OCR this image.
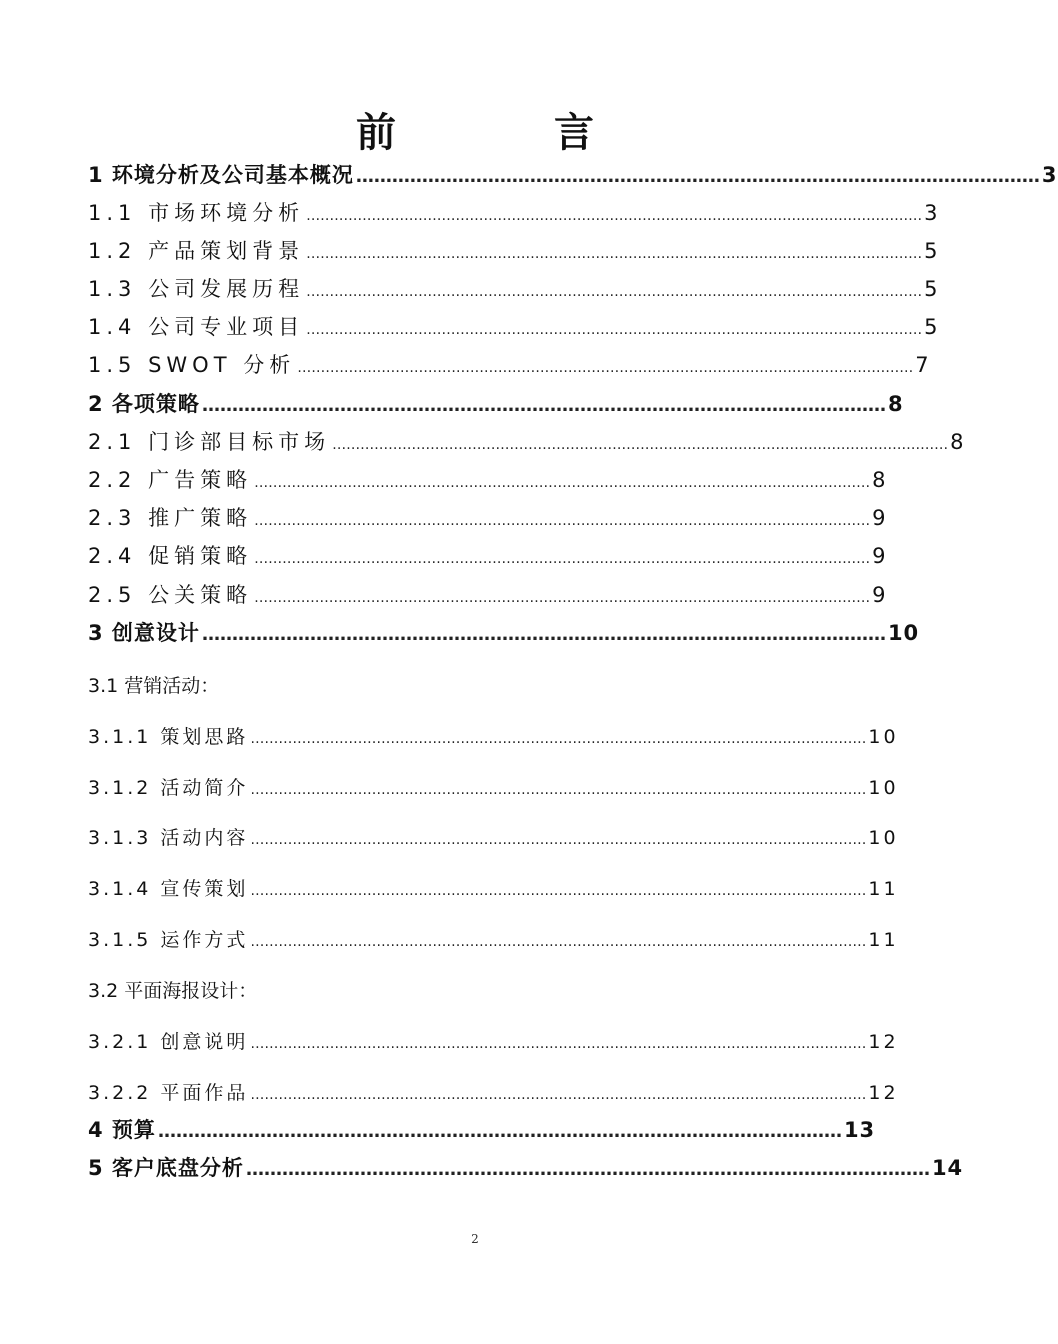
前 言
1 环境分析及公司基本概况 …………………………………………………………………………………………………… 3
1.1 市场环境分析 …………………………………………………………………………………………………………………… 3
1.2 产品策划背景 …………………………………………………………………………………………………………………… 5
1.3 公司发展历程 …………………………………………………………………………………………………………………… 5
1.4 公司专业项目 …………………………………………………………………………………………………………………… 5
1.5 SWOT 分析 …………………………………………………………………………………………………………………… 7
2 各项策略 …………………………………………………………………………………………………… 8
2.1 门诊部目标市场 …………………………………………………………………………………………………………………… 8
2.2 广告策略 …………………………………………………………………………………………………………………… 8
2.3 推广策略 …………………………………………………………………………………………………………………… 9
2.4 促销策略 …………………………………………………………………………………………………………………… 9
2.5 公关策略 …………………………………………………………………………………………………………………… 9
3 创意设计 …………………………………………………………………………………………………… 10
3.1 营销活动：
3.1.1 策划思路 …………………………………………………………………………………………………………………… 10
3.1.2 活动简介 …………………………………………………………………………………………………………………… 10
3.1.3 活动内容 …………………………………………………………………………………………………………………… 10
3.1.4 宣传策划 …………………………………………………………………………………………………………………… 11
3.1.5 运作方式 …………………………………………………………………………………………………………………… 11
3.2 平面海报设计：
3.2.1 创意说明 …………………………………………………………………………………………………………………… 12
3.2.2 平面作品 …………………………………………………………………………………………………………………… 12
4 预算 …………………………………………………………………………………………………… 13
5 客户底盘分析 …………………………………………………………………………………………………… 14
2
